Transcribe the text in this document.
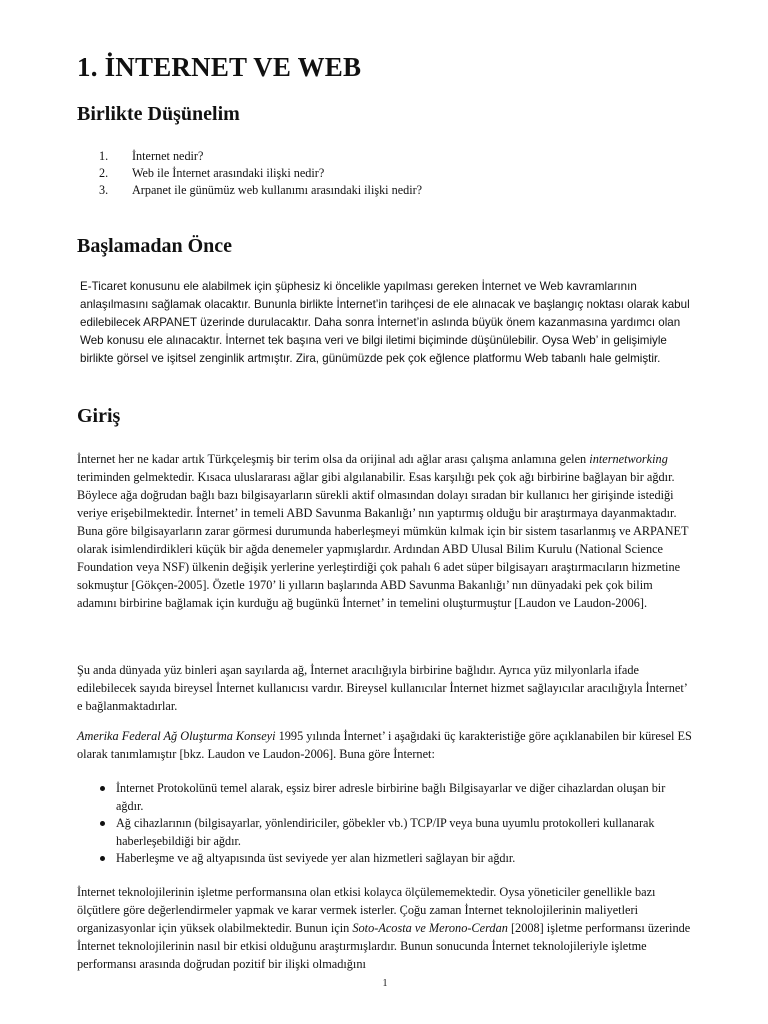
1. İNTERNET VE WEB
Birlikte Düşünelim
1.	İnternet nedir?
2.	Web ile İnternet arasındaki ilişki nedir?
3.	Arpanet ile günümüz web kullanımı arasındaki ilişki nedir?
Başlamadan Önce

E-Ticaret konusunu ele alabilmek için şüphesiz ki öncelikle yapılması gereken İnternet ve Web kavramlarının anlaşılmasını sağlamak olacaktır. Bununla birlikte İnternet’in tarihçesi de ele alınacak ve başlangıç noktası olarak kabul edilebilecek ARPANET üzerinde durulacaktır. Daha sonra İnternet’in aslında büyük önem kazanmasına yardımcı olan Web konusu ele alınacaktır. İnternet tek başına veri ve bilgi iletimi biçiminde düşünülebilir. Oysa Web’ in gelişimiyle birlikte görsel ve işitsel zenginlik artmıştır. Zira, günümüzde pek çok eğlence platformu Web tabanlı hale gelmiştir.

Giriş

İnternet her ne kadar artık Türkçeleşmiş bir terim olsa da orijinal adı ağlar arası çalışma anlamına gelen internetworking teriminden gelmektedir. Kısaca uluslararası ağlar gibi algılanabilir. Esas karşılığı pek çok ağı birbirine bağlayan bir ağdır. Böylece ağa doğrudan bağlı bazı bilgisayarların sürekli aktif olmasından dolayı sıradan bir kullanıcı her girişinde istediği veriye erişebilmektedir. İnternet’ in temeli ABD Savunma Bakanlığı’ nın yaptırmış olduğu bir araştırmaya dayanmaktadır. Buna göre bilgisayarların zarar görmesi durumunda haberleşmeyi mümkün kılmak için bir sistem tasarlanmış ve ARPANET olarak isimlendirdikleri küçük bir ağda denemeler yapmışlardır. Ardından ABD Ulusal Bilim Kurulu (National Science Foundation veya NSF) ülkenin değişik yerlerine yerleştirdiği çok pahalı 6 adet süper bilgisayarı araştırmacıların hizmetine sokmuştur [Gökçen-2005]. Özetle 1970’ li yılların başlarında ABD Savunma Bakanlığı’ nın dünyadaki pek çok bilim adamını birbirine bağlamak için kurduğu ağ bugünkü İnternet’ in temelini oluşturmuştur [Laudon ve Laudon-2006].

Şu anda dünyada yüz binleri aşan sayılarda ağ, İnternet aracılığıyla birbirine bağlıdır. Ayrıca yüz milyonlarla ifade edilebilecek sayıda bireysel İnternet kullanıcısı vardır. Bireysel kullanıcılar İnternet hizmet sağlayıcılar aracılığıyla İnternet’ e bağlanmaktadırlar.

Amerika Federal Ağ Oluşturma Konseyi 1995 yılında İnternet’ i aşağıdaki üç karakteristiğe göre açıklanabilen bir küresel ES olarak tanımlamıştır [bkz. Laudon ve Laudon-2006]. Buna göre İnternet:

İnternet Protokolünü temel alarak, eşsiz birer adresle birbirine bağlı Bilgisayarlar ve diğer cihazlardan oluşan bir ağdır.
Ağ cihazlarının (bilgisayarlar, yönlendiriciler, göbekler vb.) TCP/IP veya buna uyumlu protokolleri kullanarak haberleşebildiği bir ağdır.
Haberleşme ve ağ altyapısında üst seviyede yer alan hizmetleri sağlayan bir ağdır.

İnternet teknolojilerinin işletme performansına olan etkisi kolayca ölçülememektedir. Oysa yöneticiler genellikle bazı ölçütlere göre değerlendirmeler yapmak ve karar vermek isterler. Çoğu zaman İnternet teknolojilerinin maliyetleri organizasyonlar için yüksek olabilmektedir. Bunun için Soto-Acosta ve Merono-Cerdan [2008] işletme performansı üzerinde İnternet teknolojilerinin nasıl bir etkisi olduğunu araştırmışlardır. Bunun sonucunda İnternet teknolojileriyle işletme performansı arasında doğrudan pozitif bir ilişki olmadığını

1
